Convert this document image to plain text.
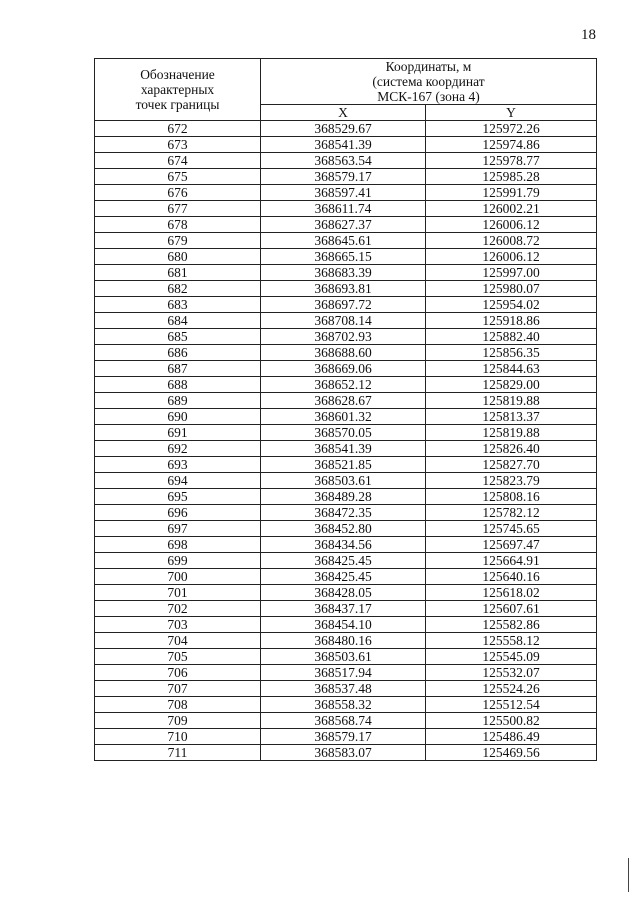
18
Обозначение
характерных
точек границы	Координаты, м
(система координат
МСК-167 (зона 4)	

	X	Y
672	368529.67	125972.26
673	368541.39	125974.86
674	368563.54	125978.77
675	368579.17	125985.28
676	368597.41	125991.79
677	368611.74	126002.21
678	368627.37	126006.12
679	368645.61	126008.72
680	368665.15	126006.12
681	368683.39	125997.00
682	368693.81	125980.07
683	368697.72	125954.02
684	368708.14	125918.86
685	368702.93	125882.40
686	368688.60	125856.35
687	368669.06	125844.63
688	368652.12	125829.00
689	368628.67	125819.88
690	368601.32	125813.37
691	368570.05	125819.88
692	368541.39	125826.40
693	368521.85	125827.70
694	368503.61	125823.79
695	368489.28	125808.16
696	368472.35	125782.12
697	368452.80	125745.65
698	368434.56	125697.47
699	368425.45	125664.91
700	368425.45	125640.16
701	368428.05	125618.02
702	368437.17	125607.61
703	368454.10	125582.86
704	368480.16	125558.12
705	368503.61	125545.09
706	368517.94	125532.07
707	368537.48	125524.26
708	368558.32	125512.54
709	368568.74	125500.82
710	368579.17	125486.49
711	368583.07	125469.56
